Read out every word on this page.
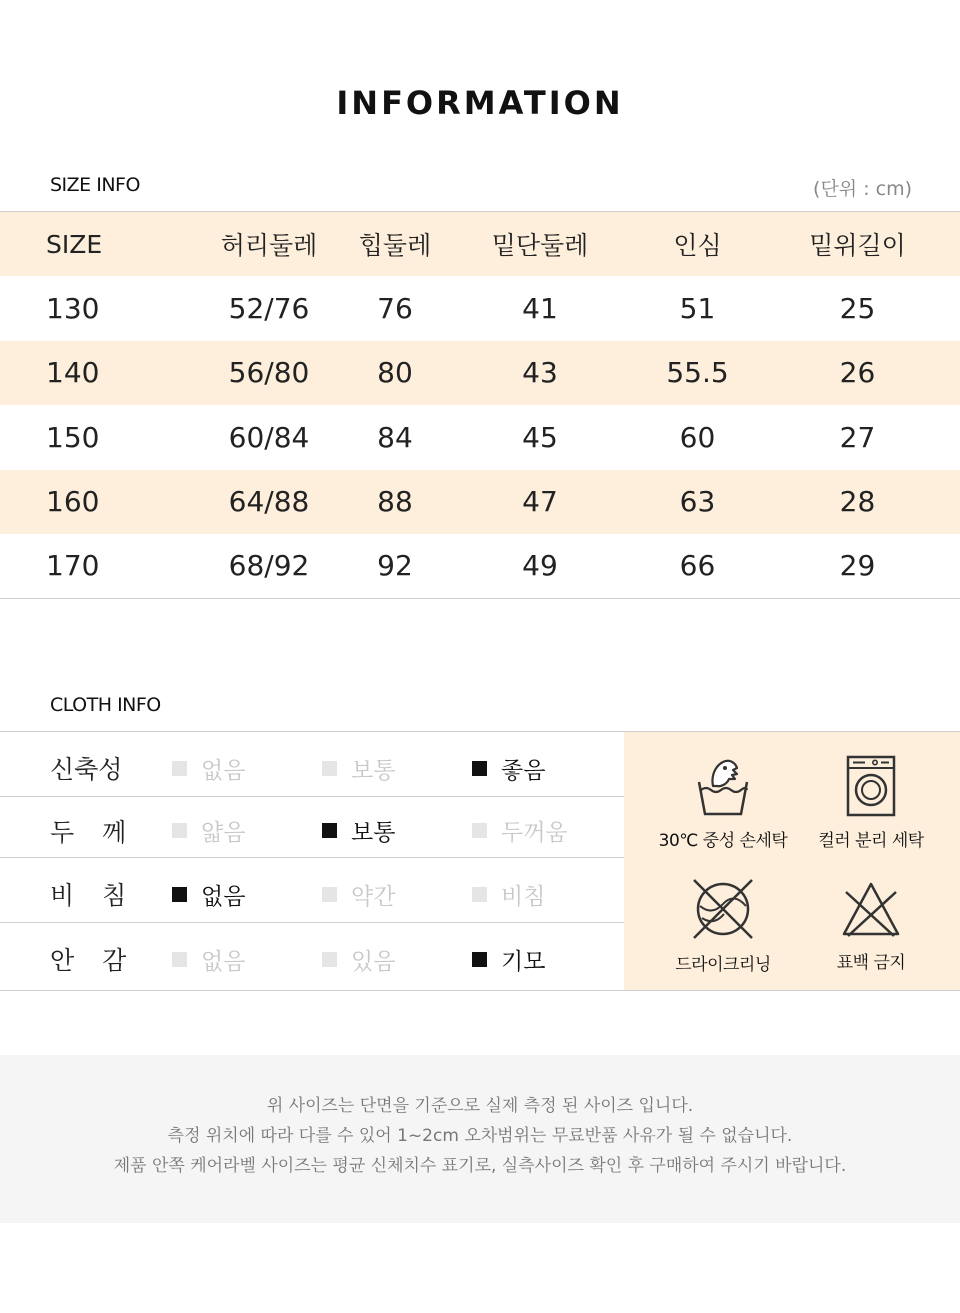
INFORMATION
SIZE INFO	(단위 : cm)
SIZE	허리둘레	힙둘레	밑단둘레	인심	밑위길이
130	52/76	76	41	51	25
140	56/80	80	43	55.5	26
150	60/84	84	45	60	27
160	64/88	88	47	63	28
170	68/92	92	49	66	29
CLOTH INFO
신축성	없음	보통	좋음
두 께	얇음	보통	두꺼움
비 침	없음	약간	비침
안 감	없음	있음	기모
30℃ 중성 손세탁	컬러 분리 세탁
드라이크리닝	표백 금지

위 사이즈는 단면을 기준으로 실제 측정 된 사이즈 입니다.

측정 위치에 따라 다를 수 있어 1~2cm 오차범위는 무료반품 사유가 될 수 없습니다.

제품 안쪽 케어라벨 사이즈는 평균 신체치수 표기로, 실측사이즈 확인 후 구매하여 주시기 바랍니다.
